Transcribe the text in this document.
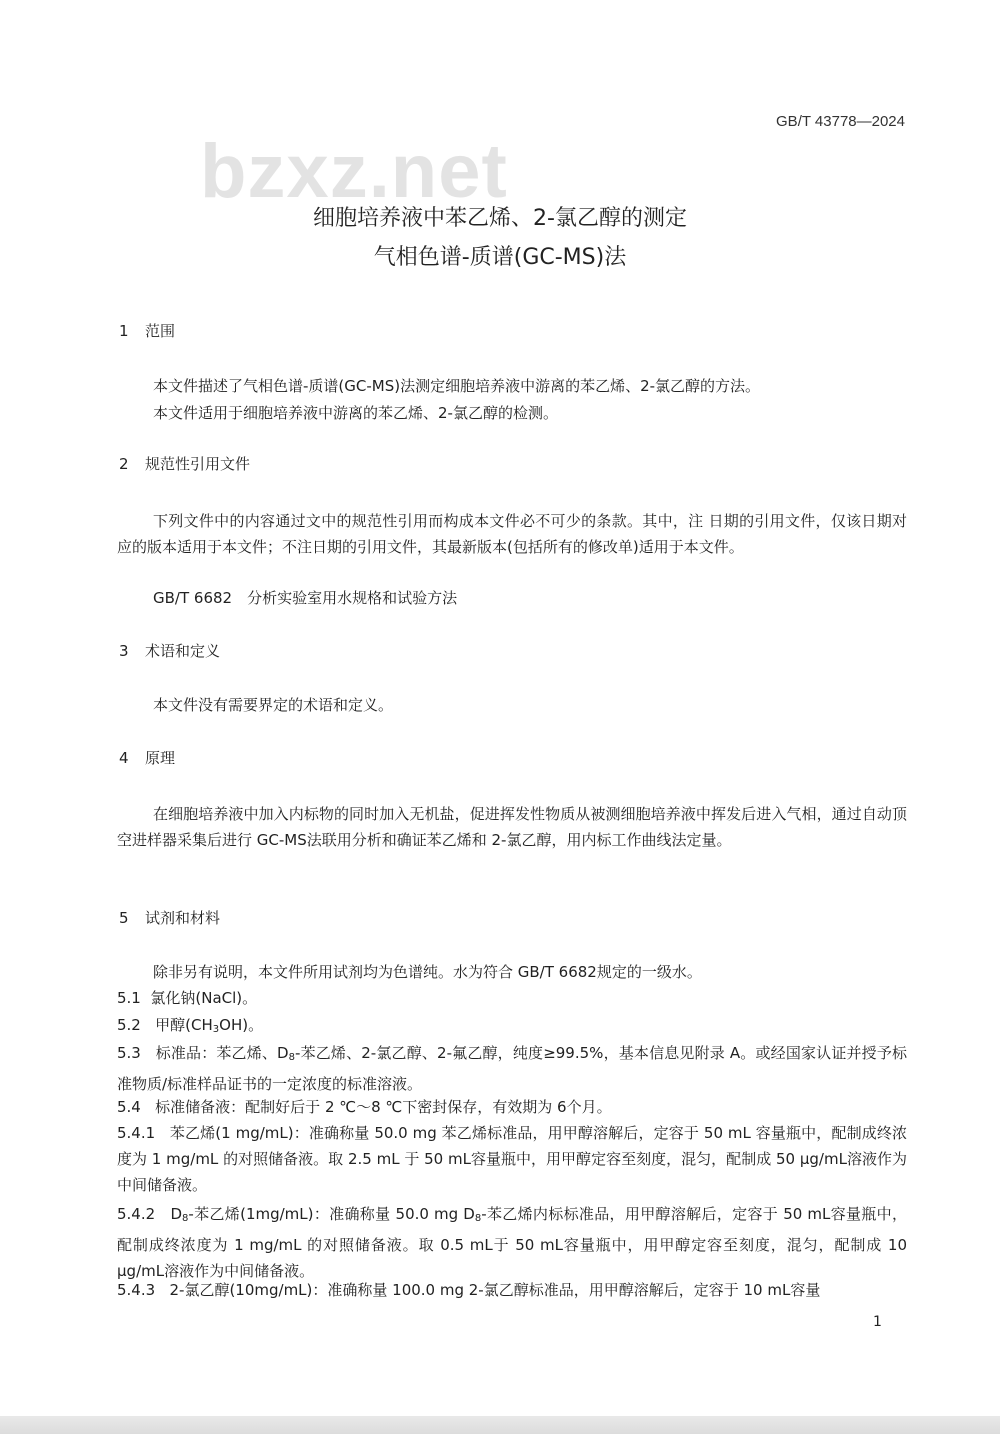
GB/T 43778—2024
bzxz.net
细胞培养液中苯乙烯、2-氯乙醇的测定
气相色谱-质谱(GC-MS)法
1 范围
本文件描述了气相色谱-质谱(GC-MS)法测定细胞培养液中游离的苯乙烯、2-氯乙醇的方法。
本文件适用于细胞培养液中游离的苯乙烯、2-氯乙醇的检测。
2 规范性引用文件
下列文件中的内容通过文中的规范性引用而构成本文件必不可少的条款。其中，注 日期的引用文件，仅该日期对应的版本适用于本文件；不注日期的引用文件，其最新版本(包括所有的修改单)适用于本文件。
GB/T 6682　分析实验室用水规格和试验方法
3 术语和定义
本文件没有需要界定的术语和定义。
4 原理
在细胞培养液中加入内标物的同时加入无机盐，促进挥发性物质从被测细胞培养液中挥发后进入气相，通过自动顶空进样器采集后进行 GC-MS法联用分析和确证苯乙烯和 2-氯乙醇，用内标工作曲线法定量。
5 试剂和材料
除非另有说明，本文件所用试剂均为色谱纯。水为符合 GB/T 6682规定的一级水。
5.1 氯化钠(NaCl)。
5.2 甲醇$(CH_3OH)$。
5.3 标准品：苯乙烯、$D_8-$苯乙烯、2-氯乙醇、2-氟乙醇，纯度≥99.5%，基本信息见附录 A。或经国家认证并授予标准物质/标准样品证书的一定浓度的标准溶液。
5.4 标准储备液：配制好后于 2 ℃～8 ℃下密封保存，有效期为 6个月。
5.4.1 苯乙烯(1 mg/mL)：准确称量 50.0 mg 苯乙烯标准品，用甲醇溶解后，定容于 50 mL 容量瓶中，配制成终浓度为 1 mg/mL 的对照储备液。取 2.5 mL 于 50 mL容量瓶中，用甲醇定容至刻度，混匀，配制成 50 μg/mL溶液作为中间储备液。
5.4.2 $D_8-$苯乙烯(1mg/mL)：准确称量 50.0 mg $D_8-$苯乙烯内标标准品，用甲醇溶解后，定容于 50 mL容量瓶中，配制成终浓度为 1 mg/mL 的对照储备液。取 0.5 mL于 50 mL容量瓶中，用甲醇定容至刻度，混匀，配制成 10 μg/mL溶液作为中间储备液。
5.4.3 2-氯乙醇(10mg/mL)：准确称量 100.0 mg 2-氯乙醇标准品，用甲醇溶解后，定容于 10 mL容量
1
